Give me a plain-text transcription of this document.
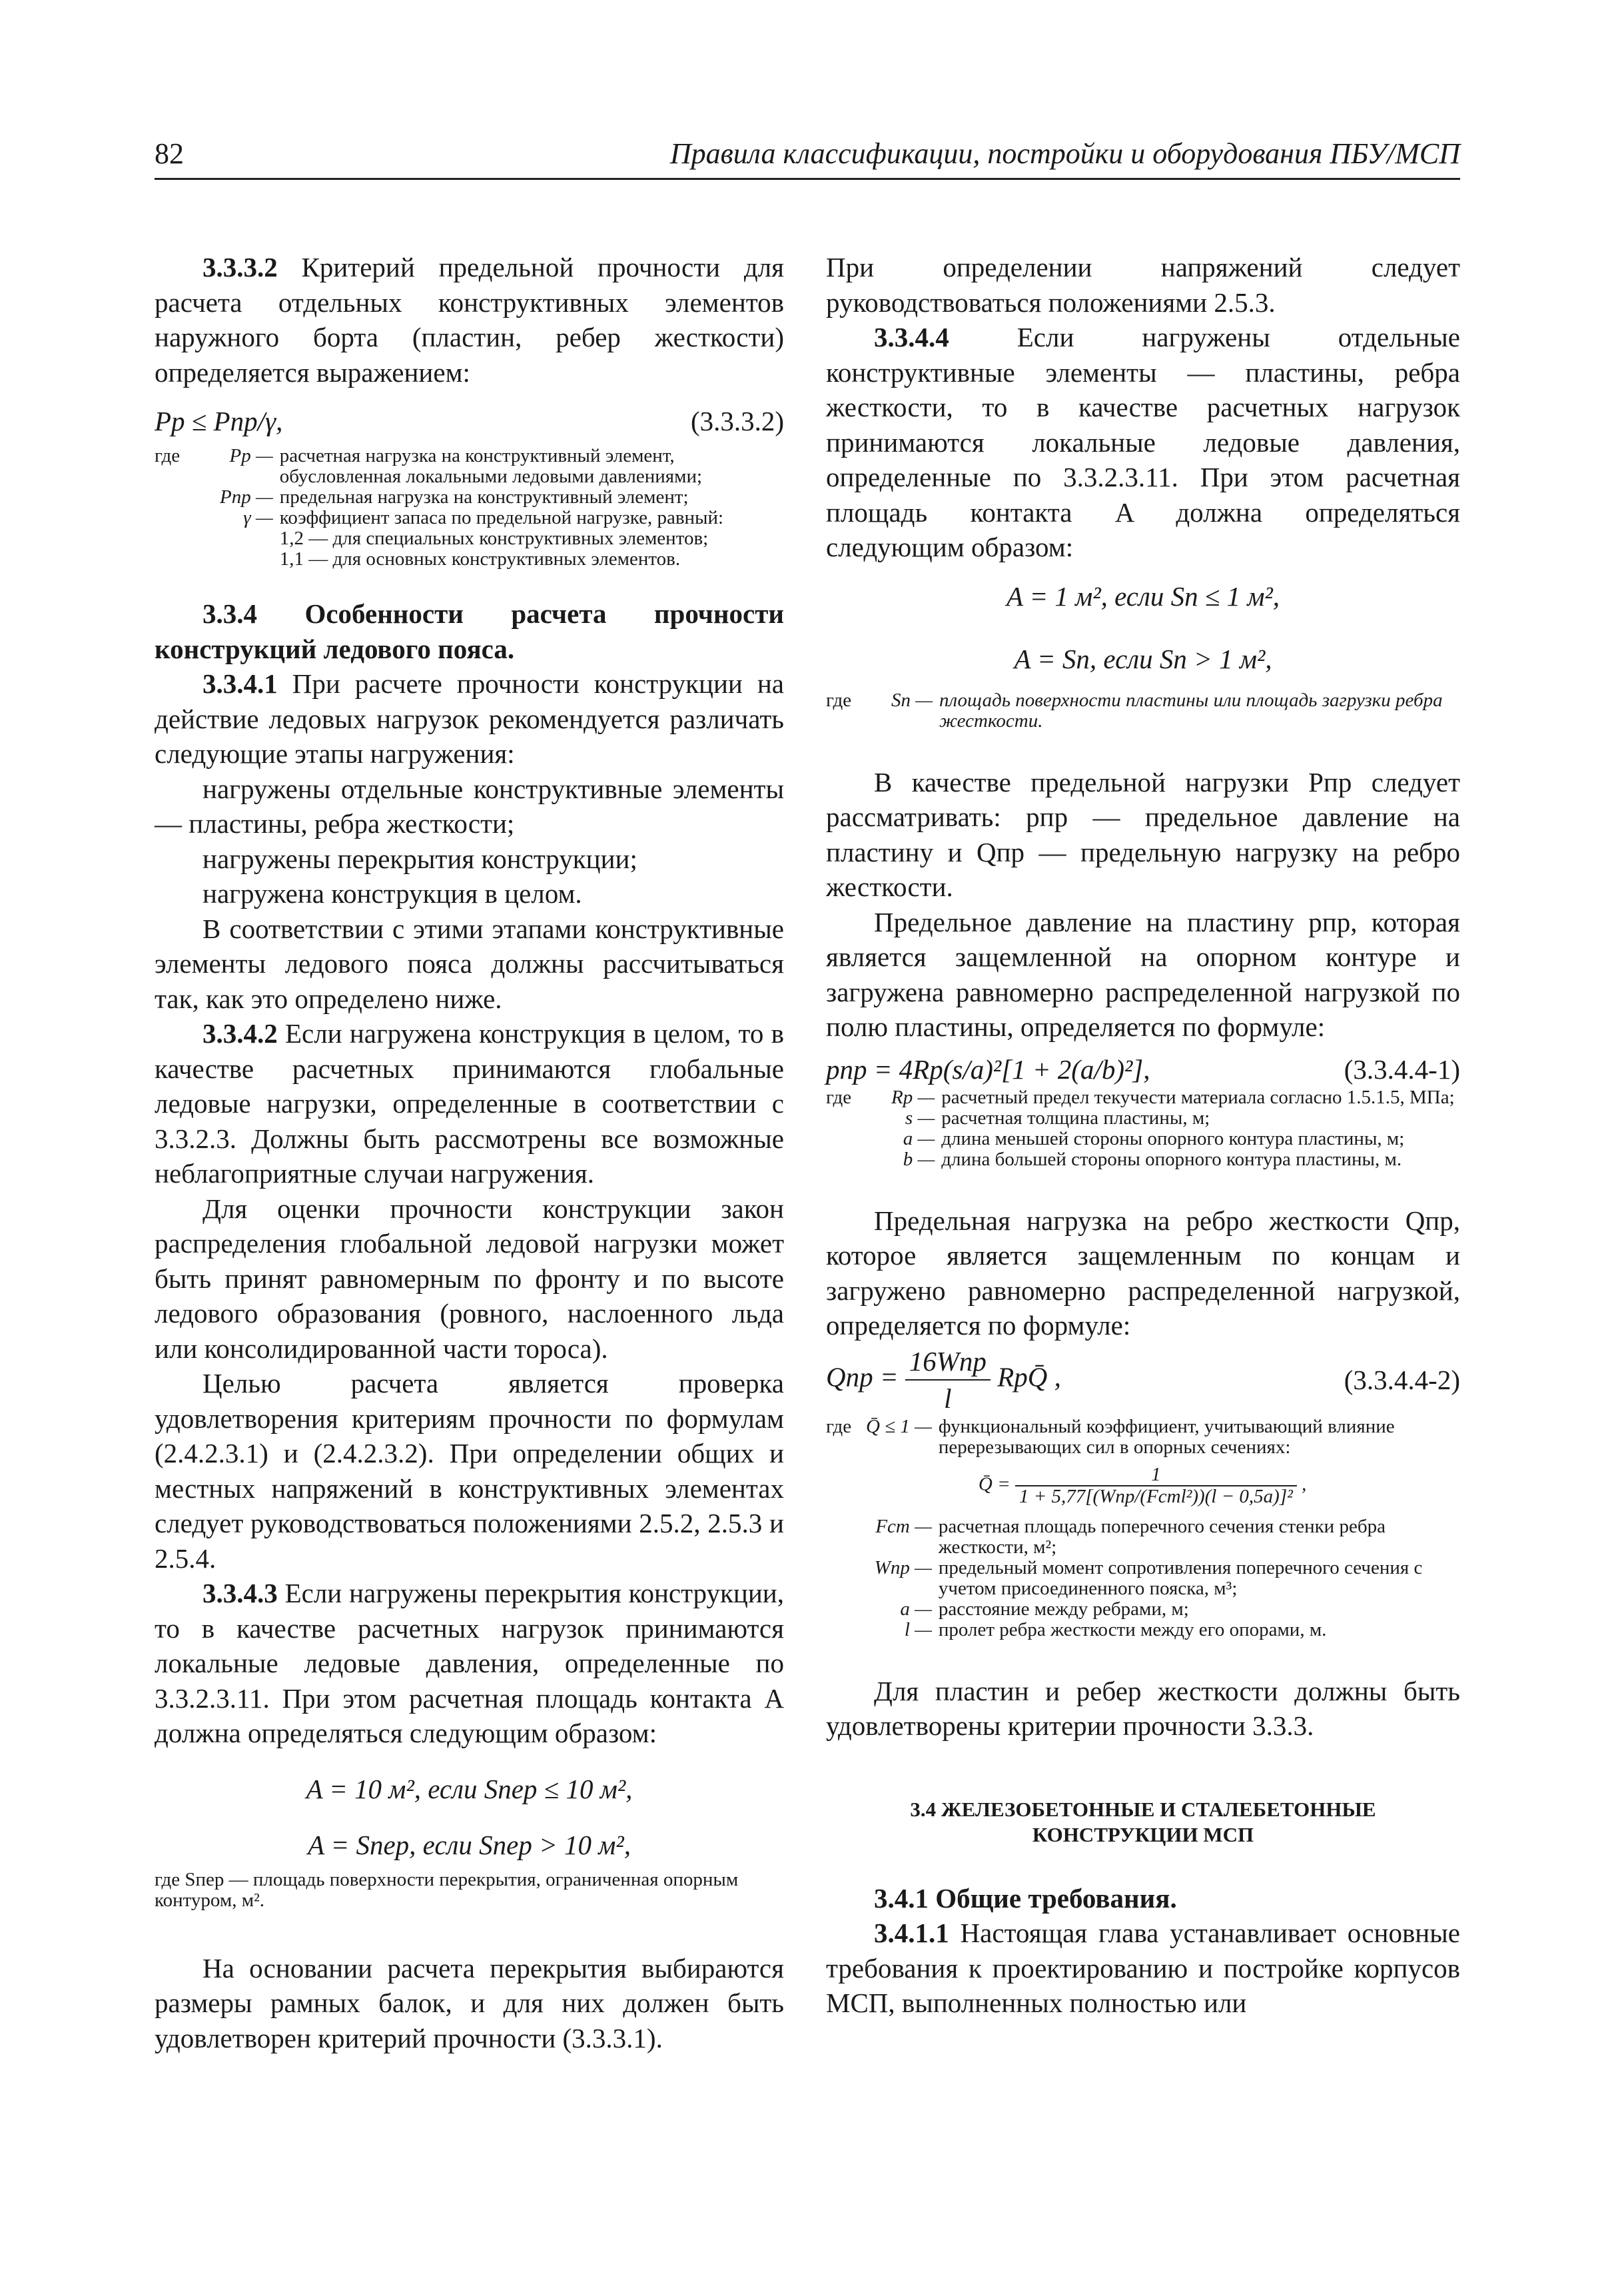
82	Правила классификации, постройки и оборудования ПБУ/МСП

3.3.3.2 Критерий предельной прочности для расчета отдельных конструктивных элементов наружного борта (пластин, ребер жесткости) определяется выражением:

Pр ≤ Pпр/γ,	(3.3.3.2)
где	Pр —	расчетная нагрузка на конструктивный элемент, обусловленная локальными ледовыми давлениями;
	Pпр —	предельная нагрузка на конструктивный элемент;
	γ —	коэффициент запаса по предельной нагрузке, равный:
		1,2 — для специальных конструктивных элементов;
		1,1 — для основных конструктивных элементов.

3.3.4 Особенности расчета прочности конструкций ледового пояса.

3.3.4.1 При расчете прочности конструкции на действие ледовых нагрузок рекомендуется различать следующие этапы нагружения:

нагружены отдельные конструктивные элементы — пластины, ребра жесткости;

нагружены перекрытия конструкции;

нагружена конструкция в целом.

В соответствии с этими этапами конструктивные элементы ледового пояса должны рассчитываться так, как это определено ниже.

3.3.4.2 Если нагружена конструкция в целом, то в качестве расчетных принимаются глобальные ледовые нагрузки, определенные в соответствии с 3.3.2.3. Должны быть рассмотрены все возможные неблагоприятные случаи нагружения.

Для оценки прочности конструкции закон распределения глобальной ледовой нагрузки может быть принят равномерным по фронту и по высоте ледового образования (ровного, наслоенного льда или консолидированной части тороса).

Целью расчета является проверка удовлетворения критериям прочности по формулам (2.4.2.3.1) и (2.4.2.3.2). При определении общих и местных напряжений в конструктивных элементах следует руководствоваться положениями 2.5.2, 2.5.3 и 2.5.4.

3.3.4.3 Если нагружены перекрытия конструкции, то в качестве расчетных нагрузок принимаются локальные ледовые давления, определенные по 3.3.2.3.11. При этом расчетная площадь контакта A должна определяться следующим образом:

A = 10 м², если Sпер ≤ 10 м²,
A = Sпер, если Sпер > 10 м²,
где Sпер — площадь поверхности перекрытия, ограниченная опорным контуром, м².

На основании расчета перекрытия выбираются размеры рамных балок, и для них должен быть удовлетворен критерий прочности (3.3.3.1).

При определении напряжений следует руководствоваться положениями 2.5.3.

3.3.4.4 Если нагружены отдельные конструктивные элементы — пластины, ребра жесткости, то в качестве расчетных нагрузок принимаются локальные ледовые давления, определенные по 3.3.2.3.11. При этом расчетная площадь контакта A должна определяться следующим образом:

A = 1 м², если Sп ≤ 1 м²,
A = Sп, если Sп > 1 м²,
где	Sп —	площадь поверхности пластины или площадь загрузки ребра жесткости.

В качестве предельной нагрузки Pпр следует рассматривать: pпр — предельное давление на пластину и Qпр — предельную нагрузку на ребро жесткости.

Предельное давление на пластину pпр, которая является защемленной на опорном контуре и загружена равномерно распределенной нагрузкой по полю пластины, определяется по формуле:

pпр = 4Rр(s/a)²[1 + 2(a/b)²],	(3.3.4.4-1)
где	Rр —	расчетный предел текучести материала согласно 1.5.1.5, МПа;
	s —	расчетная толщина пластины, м;
	a —	длина меньшей стороны опорного контура пластины, м;
	b —	длина большей стороны опорного контура пластины, м.

Предельная нагрузка на ребро жесткости Qпр, которое является защемленным по концам и загружено равномерно распределенной нагрузкой, определяется по формуле:

Qпр = $\frac{\text{16Wпр}}{l}$ RрQ̄ ,	(3.3.4.4-2)
где	Q̄ ≤ 1 —	функциональный коэффициент, учитывающий влияние перерезывающих сил в опорных сечениях:
		Q̄ = $\frac{1}{\text{1 + 5,77[(Wпр/(Fстl²))(l − 0,5a)]²}}$ ,
	Fст —	расчетная площадь поперечного сечения стенки ребра жесткости, м²;
	Wпр —	предельный момент сопротивления поперечного сечения с учетом присоединенного пояска, м³;
	a —	расстояние между ребрами, м;
	l —	пролет ребра жесткости между его опорами, м.

Для пластин и ребер жесткости должны быть удовлетворены критерии прочности 3.3.3.

3.4 ЖЕЛЕЗОБЕТОННЫЕ И СТАЛЕБЕТОННЫЕ КОНСТРУКЦИИ МСП

3.4.1 Общие требования.

3.4.1.1 Настоящая глава устанавливает основные требования к проектированию и постройке корпусов МСП, выполненных полностью или
